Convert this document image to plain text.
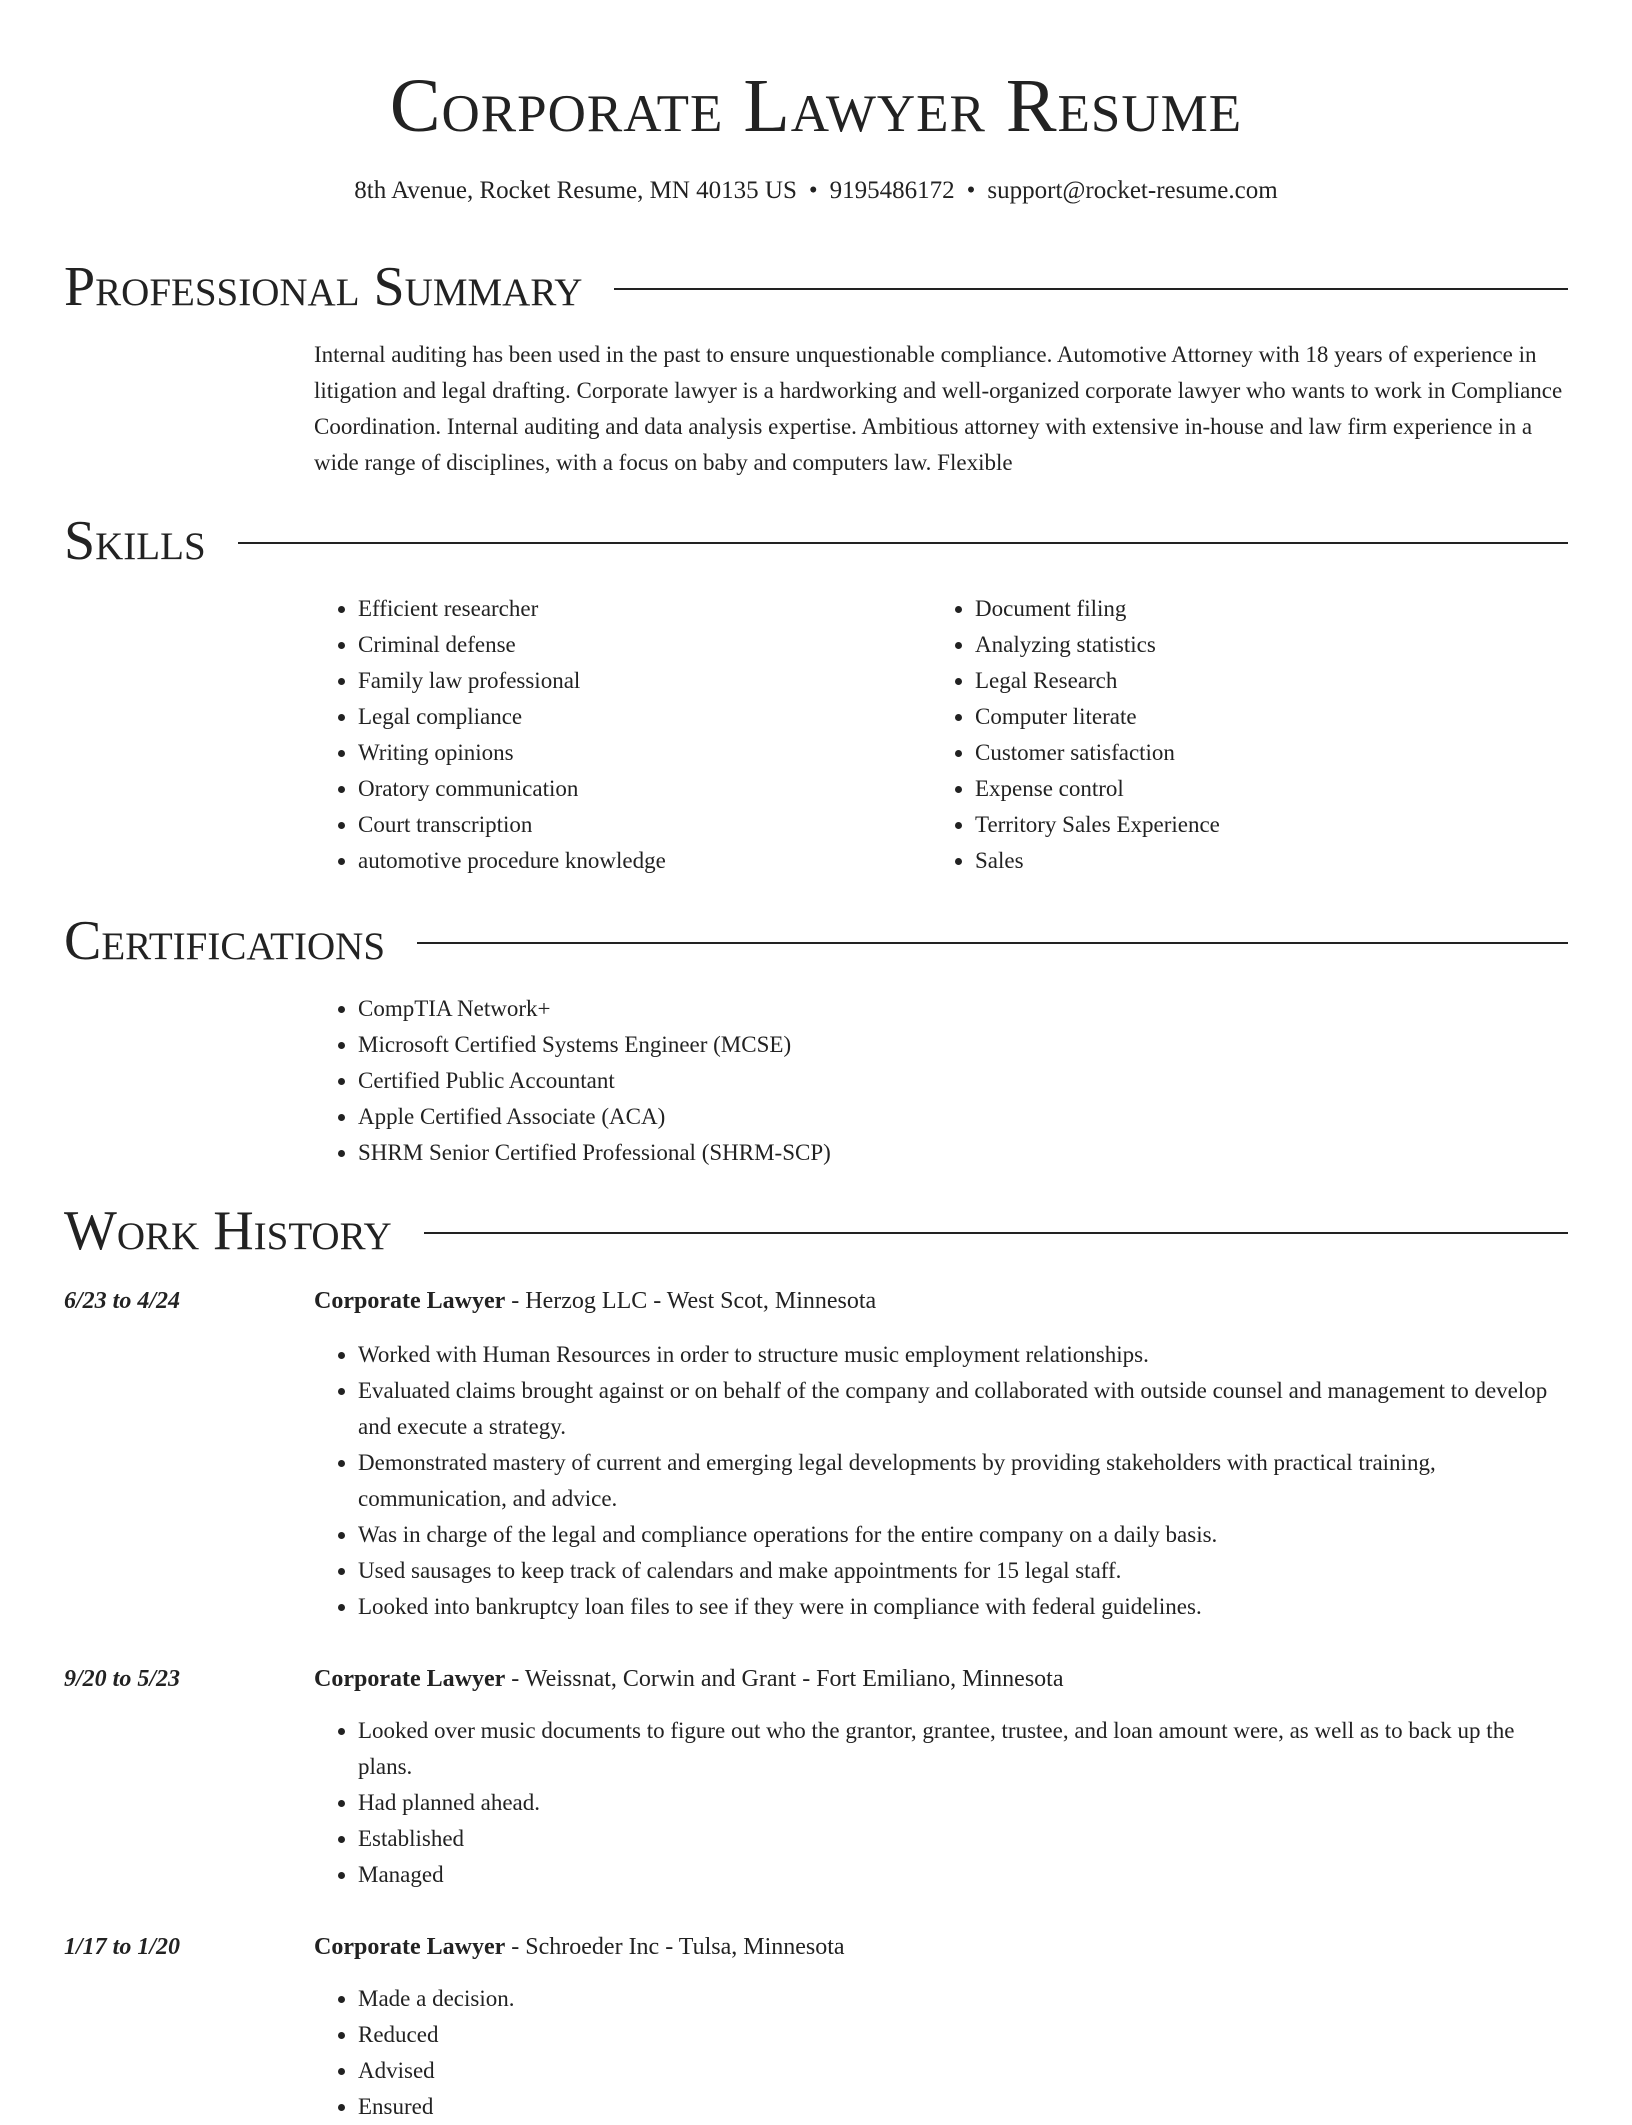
Corporate Lawyer Resume
8th Avenue, Rocket Resume, MN 40135 US • 9195486172 • support@rocket-resume.com
Professional Summary
Internal auditing has been used in the past to ensure unquestionable compliance. Automotive Attorney with 18 years of experience in litigation and legal drafting. Corporate lawyer is a hardworking and well-organized corporate lawyer who wants to work in Compliance Coordination. Internal auditing and data analysis expertise. Ambitious attorney with extensive in-house and law firm experience in a wide range of disciplines, with a focus on baby and computers law. Flexible
Skills
• Efficient researcher
• Criminal defense
• Family law professional
• Legal compliance
• Writing opinions
• Oratory communication
• Court transcription
• automotive procedure knowledge
• Document filing
• Analyzing statistics
• Legal Research
• Computer literate
• Customer satisfaction
• Expense control
• Territory Sales Experience
• Sales
Certifications
• CompTIA Network+
• Microsoft Certified Systems Engineer (MCSE)
• Certified Public Accountant
• Apple Certified Associate (ACA)
• SHRM Senior Certified Professional (SHRM-SCP)
Work History
6/23 to 4/24	Corporate Lawyer - Herzog LLC - West Scot, Minnesota
• Worked with Human Resources in order to structure music employment relationships.
• Evaluated claims brought against or on behalf of the company and collaborated with outside counsel and management to develop and execute a strategy.
• Demonstrated mastery of current and emerging legal developments by providing stakeholders with practical training, communication, and advice.
• Was in charge of the legal and compliance operations for the entire company on a daily basis.
• Used sausages to keep track of calendars and make appointments for 15 legal staff.
• Looked into bankruptcy loan files to see if they were in compliance with federal guidelines.
9/20 to 5/23	Corporate Lawyer - Weissnat, Corwin and Grant - Fort Emiliano, Minnesota
• Looked over music documents to figure out who the grantor, grantee, trustee, and loan amount were, as well as to back up the plans.
• Had planned ahead.
• Established
• Managed
1/17 to 1/20	Corporate Lawyer - Schroeder Inc - Tulsa, Minnesota
• Made a decision.
• Reduced
• Advised
• Ensured
